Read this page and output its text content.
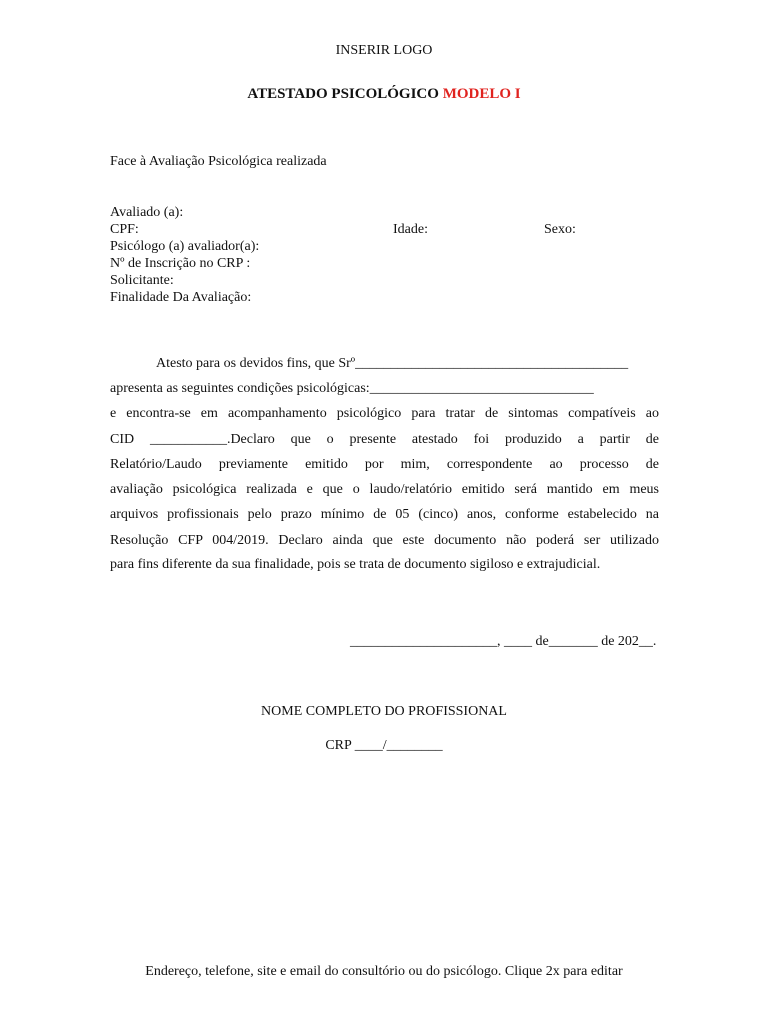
INSERIR LOGO
ATESTADO PSICOLÓGICO MODELO I
Face à Avaliação Psicológica realizada
Avaliado (a):
CPF:	Idade:	Sexo:
Psicólogo (a) avaliador(a):
Nº de Inscrição no CRP :
Solicitante:
Finalidade Da Avaliação:
Atesto para os devidos fins, que Srº_______________________________________
apresenta as seguintes condições psicológicas:________________________________
e encontra-se em acompanhamento psicológico para tratar de sintomas compatíveis ao
CID ___________.Declaro que o presente atestado foi produzido a partir de
Relatório/Laudo previamente emitido por mim, correspondente ao processo de
avaliação psicológica realizada e que o laudo/relatório emitido será mantido em meus
arquivos profissionais pelo prazo mínimo de 05 (cinco) anos, conforme estabelecido na
Resolução CFP 004/2019. Declaro ainda que este documento não poderá ser utilizado
para fins diferente da sua finalidade, pois se trata de documento sigiloso e extrajudicial.
_____________________, ____ de_______ de 202__.
NOME COMPLETO DO PROFISSIONAL
CRP ____/________
Endereço, telefone, site e email do consultório ou do psicólogo. Clique 2x para editar
